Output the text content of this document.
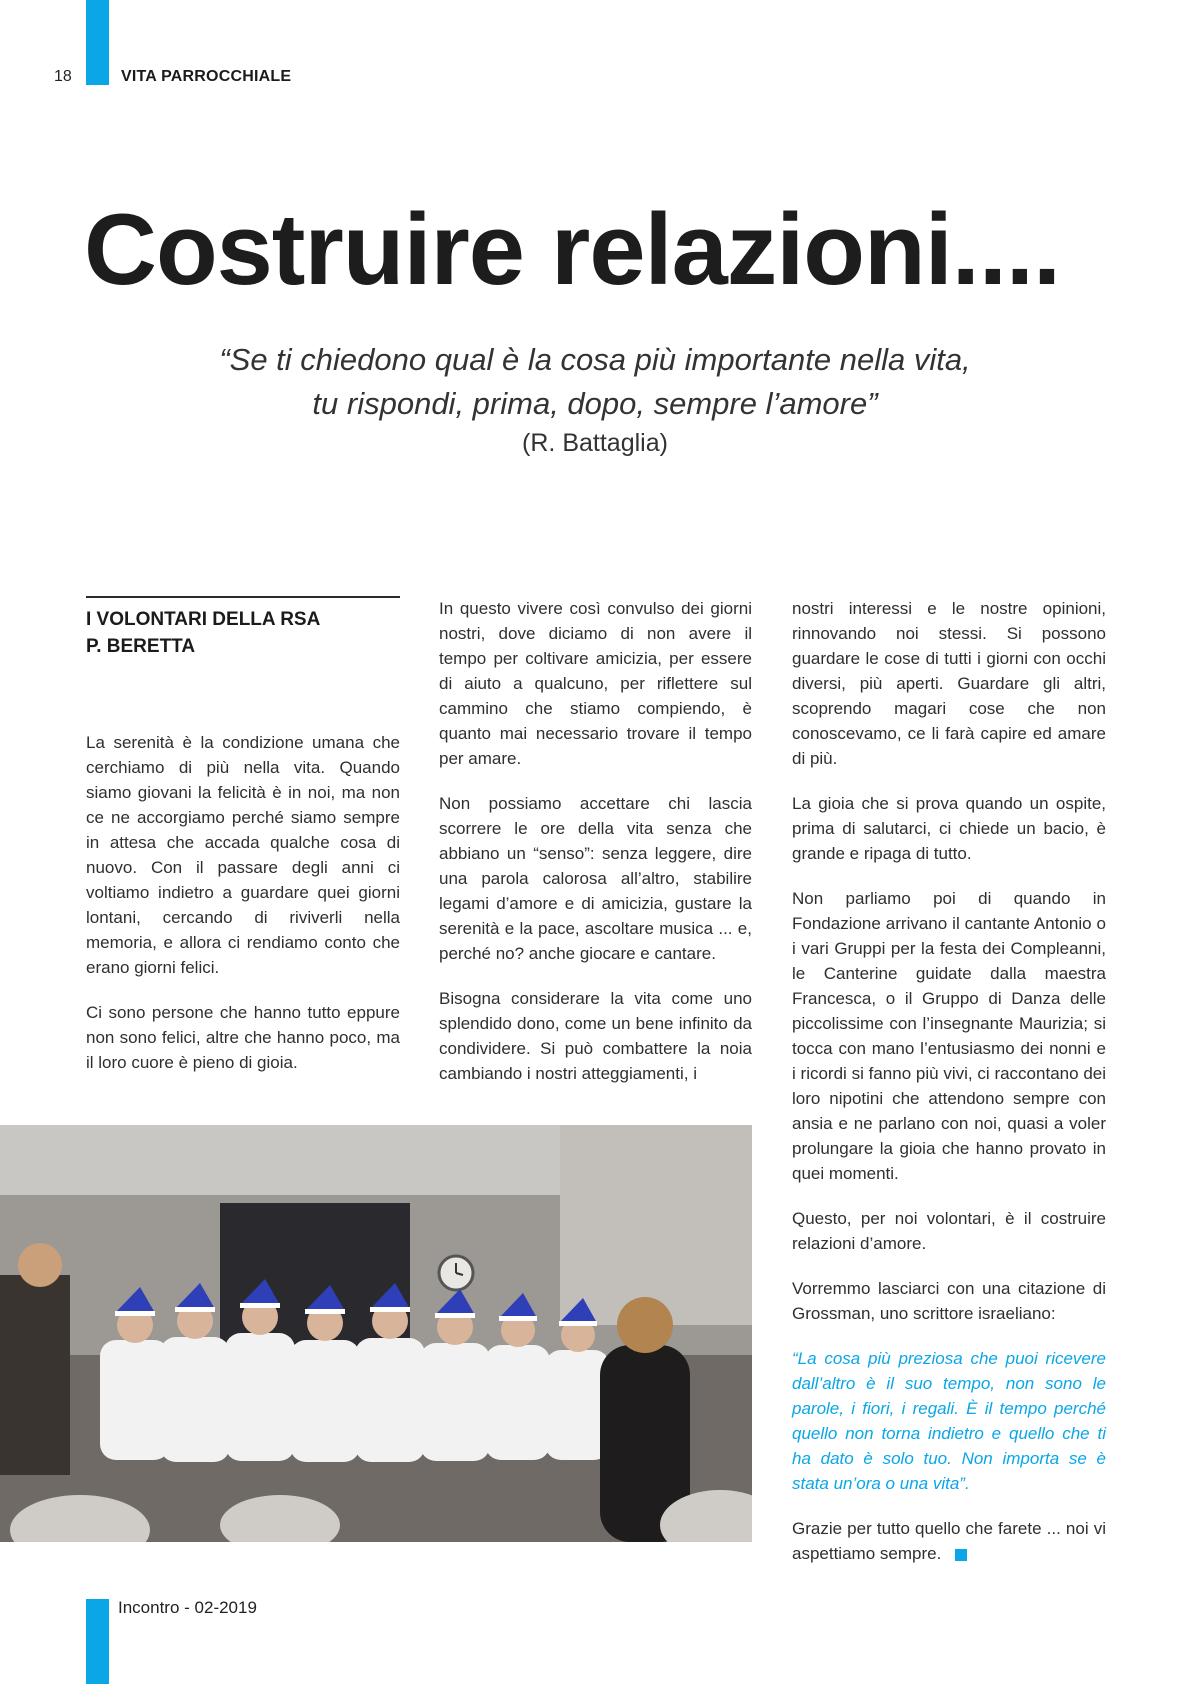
18	VITA PARROCCHIALE
Costruire relazioni....
“Se ti chiedono qual è la cosa più importante nella vita,
tu rispondi, prima, dopo, sempre l’amore”
(R. Battaglia)

I VOLONTARI DELLA RSA
P. BERETTA

La serenità è la condizione umana che cerchiamo di più nella vita. Quando siamo giovani la felicità è in noi, ma non ce ne accorgiamo perché siamo sempre in attesa che accada qualche cosa di nuovo. Con il passare degli anni ci voltiamo indietro a guardare quei giorni lontani, cercando di riviverli nella memoria, e allora ci rendiamo conto che erano giorni felici.

Ci sono persone che hanno tutto eppure non sono felici, altre che hanno poco, ma il loro cuore è pieno di gioia.

In questo vivere così convulso dei giorni nostri, dove diciamo di non avere il tempo per coltivare amicizia, per essere di aiuto a qualcuno, per riflettere sul cammino che stiamo compiendo, è quanto mai necessario trovare il tempo per amare.

Non possiamo accettare chi lascia scorrere le ore della vita senza che abbiano un “senso”: senza leggere, dire una parola calorosa all’altro, stabilire legami d’amore e di amicizia, gustare la serenità e la pace, ascoltare musica ... e, perché no? anche giocare e cantare.

Bisogna considerare la vita come uno splendido dono, come un bene infinito da condividere. Si può combattere la noia cambiando i nostri atteggiamenti, i

nostri interessi e le nostre opinioni, rinnovando noi stessi. Si possono guardare le cose di tutti i giorni con occhi diversi, più aperti. Guardare gli altri, scoprendo magari cose che non conoscevamo, ce li farà capire ed amare di più.

La gioia che si prova quando un ospite, prima di salutarci, ci chiede un bacio, è grande e ripaga di tutto.

Non parliamo poi di quando in Fondazione arrivano il cantante Antonio o i vari Gruppi per la festa dei Compleanni, le Canterine guidate dalla maestra Francesca, o il Gruppo di Danza delle piccolissime con l’insegnante Maurizia; si tocca con mano l’entusiasmo dei nonni e i ricordi si fanno più vivi, ci raccontano dei loro nipotini che attendono sempre con ansia e ne parlano con noi, quasi a voler prolungare la gioia che hanno provato in quei momenti.

Questo, per noi volontari, è il costruire relazioni d’amore.

Vorremmo lasciarci con una citazione di Grossman, uno scrittore israeliano:

“La cosa più preziosa che puoi ricevere dall’altro è il suo tempo, non sono le parole, i fiori, i regali. È il tempo perché quello non torna indietro e quello che ti ha dato è solo tuo. Non importa se è stata un’ora o una vita”.

Grazie per tutto quello che farete ... noi vi aspettiamo sempre.

Incontro - 02-2019
